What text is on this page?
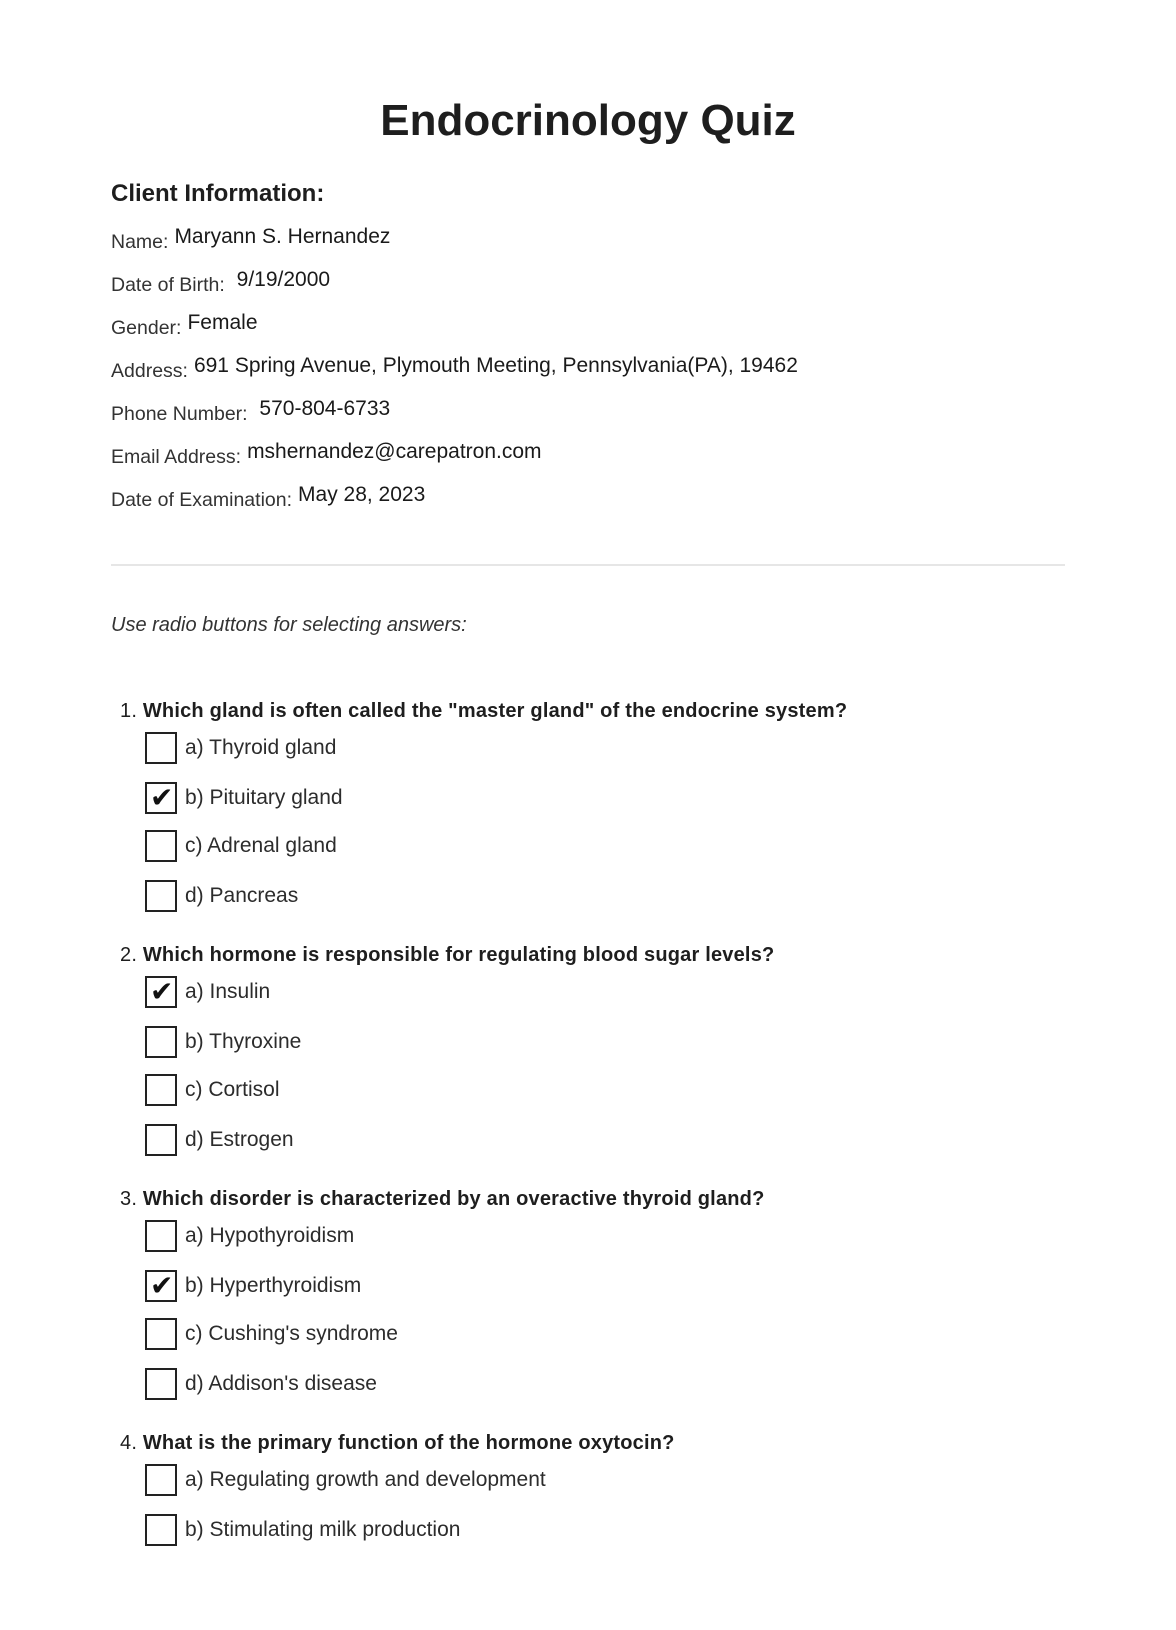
Endocrinology Quiz
Client Information:
Name: Maryann S. Hernandez
Date of Birth: 9/19/2000
Gender: Female
Address: 691 Spring Avenue, Plymouth Meeting, Pennsylvania(PA), 19462
Phone Number: 570-804-6733
Email Address: mshernandez@carepatron.com
Date of Examination: May 28, 2023
Use radio buttons for selecting answers:
1. Which gland is often called the "master gland" of the endocrine system?
a) Thyroid gland
✔ b) Pituitary gland
c) Adrenal gland
d) Pancreas
2. Which hormone is responsible for regulating blood sugar levels?
✔ a) Insulin
b) Thyroxine
c) Cortisol
d) Estrogen
3. Which disorder is characterized by an overactive thyroid gland?
a) Hypothyroidism
✔ b) Hyperthyroidism
c) Cushing's syndrome
d) Addison's disease
4. What is the primary function of the hormone oxytocin?
a) Regulating growth and development
b) Stimulating milk production
